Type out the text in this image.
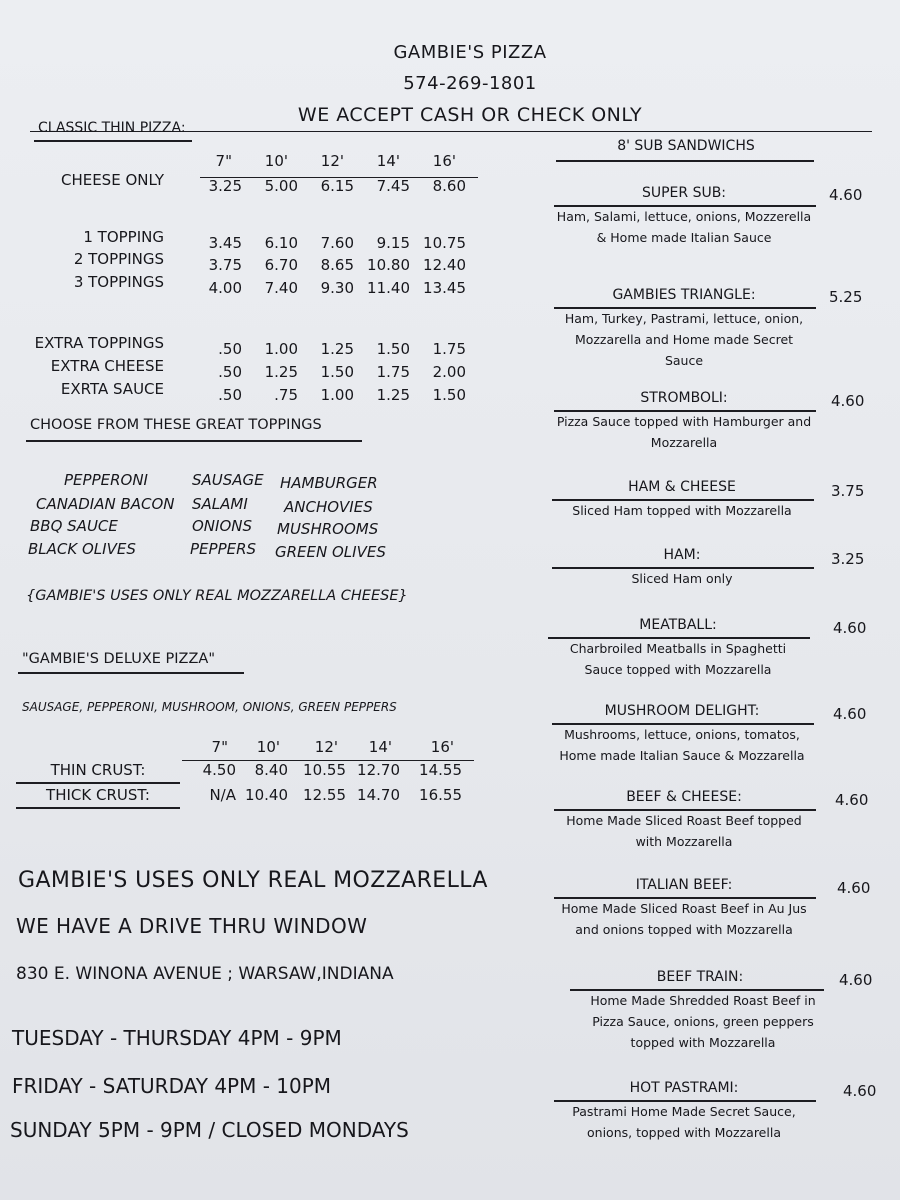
GAMBIE'S PIZZA
574-269-1801
WE ACCEPT CASH OR CHECK ONLY
CLASSIC THIN PIZZA:
7"	10'	12'	14'	16'
CHEESE ONLY	3.25	5.00	6.15	7.45	8.60
1 TOPPING	3.45	6.10	7.60	9.15 10.75
2 TOPPINGS	3.75	6.70	8.65 10.80 12.40
3 TOPPINGS	4.00	7.40	9.30 11.40 13.45
EXTRA TOPPINGS	.50	1.00	1.25	1.50	1.75
EXTRA CHEESE	.50	1.25	1.50	1.75	2.00
EXRTA SAUCE	.50	.75	1.00	1.25	1.50
CHOOSE FROM THESE GREAT TOPPINGS
PEPPERONI	SAUSAGE HAMBURGER
CANADIAN BACON SALAMI ANCHOVIES
BBQ SAUCE	ONIONS MUSHROOMS
BLACK OLIVES	PEPPERS GREEN OLIVES
{GAMBIE'S USES ONLY REAL MOZZARELLA CHEESE}
"GAMBIE'S DELUXE PIZZA"
SAUSAGE, PEPPERONI, MUSHROOM, ONIONS, GREEN PEPPERS
7"	10'	12'	14'	16'
THIN CRUST:	4.50	8.40	10.55 12.70	14.55
THICK CRUST:	N/A 10.40	12.55 14.70	16.55
GAMBIE'S USES ONLY REAL MOZZARELLA
WE HAVE A DRIVE THRU WINDOW
830 E. WINONA AVENUE ; WARSAW,INDIANA
TUESDAY - THURSDAY 4PM - 9PM
FRIDAY - SATURDAY 4PM - 10PM
SUNDAY 5PM - 9PM / CLOSED MONDAYS
8' SUB SANDWICHS
SUPER SUB:	4.60
Ham, Salami, lettuce, onions, Mozzerella
& Home made Italian Sauce
GAMBIES TRIANGLE:	5.25
Ham, Turkey, Pastrami, lettuce, onion,
Mozzarella and Home made Secret
Sauce
STROMBOLI:	4.60
Pizza Sauce topped with Hamburger and
Mozzarella
HAM & CHEESE	3.75
Sliced Ham topped with Mozzarella
HAM:	3.25
Sliced Ham only
MEATBALL:	4.60
Charbroiled Meatballs in Spaghetti
Sauce topped with Mozzarella
MUSHROOM DELIGHT:	4.60
Mushrooms, lettuce, onions, tomatos,
Home made Italian Sauce & Mozzarella
BEEF & CHEESE:	4.60
Home Made Sliced Roast Beef topped
with Mozzarella
ITALIAN BEEF:	4.60
Home Made Sliced Roast Beef in Au Jus
and onions topped with Mozzarella
BEEF TRAIN:	4.60
Home Made Shredded Roast Beef in
Pizza Sauce, onions, green peppers
topped with Mozzarella
HOT PASTRAMI:	4.60
Pastrami Home Made Secret Sauce,
onions, topped with Mozzarella
